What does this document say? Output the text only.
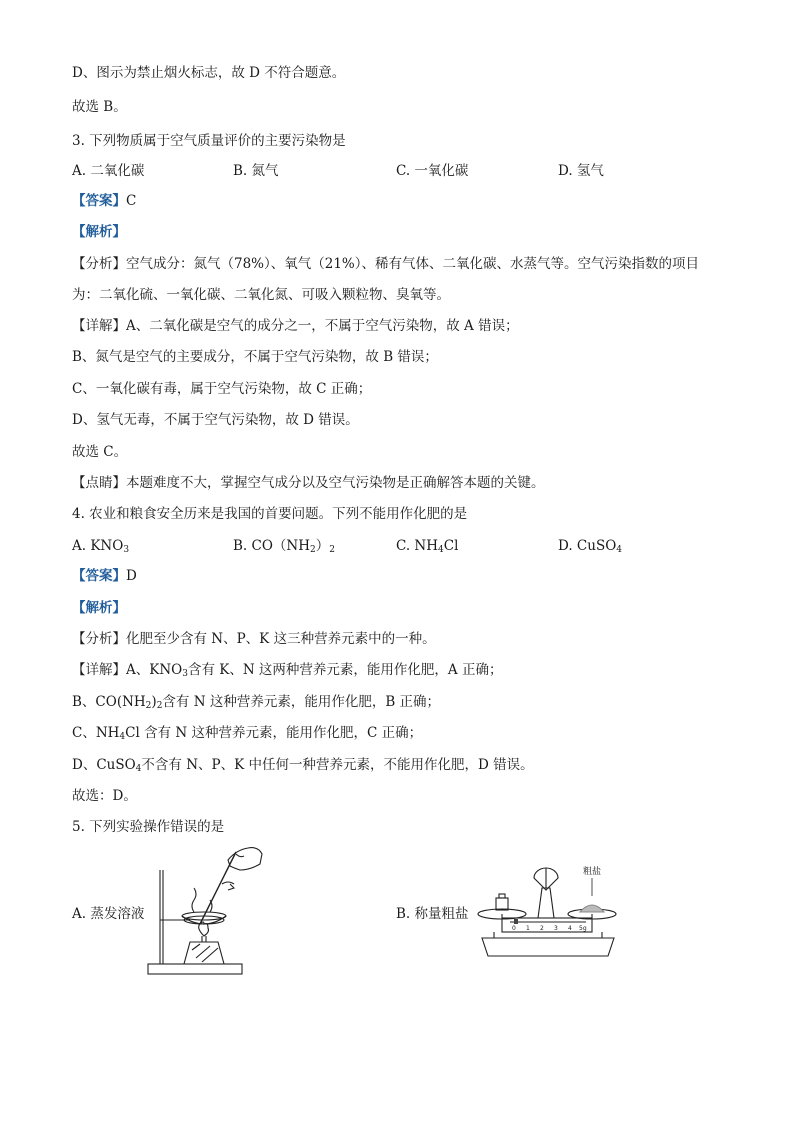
D、图示为禁止烟火标志，故 D 不符合题意。
故选 B。
3. 下列物质属于空气质量评价的主要污染物是
A. 二氧化碳	B. 氮气	C. 一氧化碳	D. 氢气
【答案】C
【解析】
【分析】空气成分：氮气（78%）、氧气（21%）、稀有气体、二氧化碳、水蒸气等。空气污染指数的项目
为：二氧化硫、一氧化碳、二氧化氮、可吸入颗粒物、臭氧等。
【详解】A、二氧化碳是空气的成分之一，不属于空气污染物，故 A 错误；
B、氮气是空气的主要成分，不属于空气污染物，故 B 错误；
C、一氧化碳有毒，属于空气污染物，故 C 正确；
D、氢气无毒，不属于空气污染物，故 D 错误。
故选 C。
【点睛】本题难度不大，掌握空气成分以及空气污染物是正确解答本题的关键。
4. 农业和粮食安全历来是我国的首要问题。下列不能用作化肥的是
A. $KNO_3$	B. $CO(NH_2)_2$	C. $NH_4Cl$	D. CuSO$_4$
【答案】D
【解析】
【分析】化肥至少含有 N、P、K 这三种营养元素中的一种。
【详解】A、$KNO_3$含有 K、N 这两种营养元素，能用作化肥，A 正确；
B、$CO(NH_2)_2$含有 N 这种营养元素，能用作化肥，B 正确；
C、$NH_4Cl$ 含有 N 这种营养元素，能用作化肥，C 正确；
D、CuSO$_4$不含有 N、P、K 中任何一种营养元素，不能用作化肥，D 错误。
故选：D。
5. 下列实验操作错误的是
A. 蒸发溶液	B. 称量粗盐
粗盐
0 1 2 3 4 5g
